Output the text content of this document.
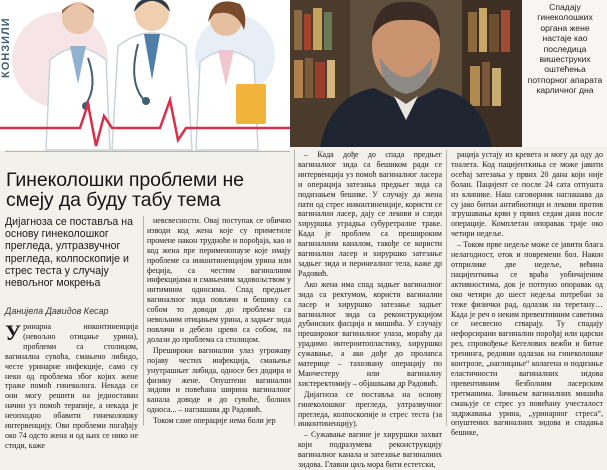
КОНЗИЛИ

Спадају гинеколошких органа жене настаје као последица вишеструких оштећења потпорног апарата карличног дна

Гинеколошки проблеми не смеју да буду табу тема

Дијагноза се поставља на основу гинеколошког прегледа, ултразвучног прегледа, колпоскопије и стрес теста у случају невољног мокрења

Данијела Давидов Кесар

Уринарна инконтиненција (невољно отицање урина), проблеми са столицом, вагинална сувоћа, смањено либидо, честе уринарне инфекције, само су неки од проблема због којих жене траже помоћ гинеколога. Некада се они могу решити на једноставан начин уз помоћ терапије, а некада је неопходно обавити гинеколошку интервенцију. Ови проблеми погађају око 74 одсто жена и од њих се нико не стиди, каже

невсвесности. Овај поступак се обично изводи код жена које су приметиле промене након трудноће и порођаја, као и код жена пре перименопаузе које имају проблеме са инконтиненцијом урина или феција, са честим вагиналним инфекцијама и смањеним задовољством у интимним односима. Спад предњег вагиналног зида повлачи и бешику са собом то доводи до проблема са невољним отицањем урина, а задњег зида повлачи и дебело црево са собом, па долази до проблема са столицом.

Прешироки вагинални улаз угрожаву појаву честих инфекција, смањење унутрашњег либида, односе без додира и физику жене. Опуштени вагинални зидови и повећана ширина вагиналног канала доводе и до сувоће, болних односа... – наглашава др Радовић.

Током саме операције нема боли јер

– Када дође до спада предњег вагиналног зида са бешиком ради се интервенција уз помоћ вагиналног ласера и операција затезања предњег зида са подизањем бешике. У случају да жена пати од стрес инконтиненције, користи се вагинални ласер, дају се лекови и следи хируршка уградња субуретралне траке. Када је проблем са прешироким вагиналним каналом, такође се користи вагинални ласер и хируршко затезање задњег зида и перинеалног тела, каже др Радовић.

Ако жена има спад задњег вагиналног зида са ректумом, користи вагинални ласер и хируршко затезање задњег вагиналног зида са реконструкцијом дубинских фасција и мишића. У случају прешироког вагиналног улаза, мораћу да урадимо интероитопластику, хируршко сужавање, а ако дође до пролапса материце – тахозвану операцију по Манчестеру или вагиналну хистеректомију – објашњава др Радовић.

Дијагноза се поставља на основу гинеколошког прегледа, ултразвучног прегледа, колпоскопије и стрес теста (за инконтиненцију).

– Сужавање вагине је хируршки захват који подразумева реконструкцију вагиналног канала и затезање вагиналних зидова. Главни циљ мора бити естетски,

рација устају из кревета и могу да оду до тоалета. Код пацијенткиња се може јавити осећај затезања у првих 20 дана који није болан. Пацијент се после 24 сата отпушта из клинике. Наш саговорник наглашава да су јако битни антибиотици и лекови против згрушавања крви у првих седам дана после операције. Комплетан опоравак траје око четири недеље.

– Током прве недеље може се јавити блага нелагодност, оток и повремени бол. Након отприлике две недеље, већина пацијенткиња се враћа уобичајеним активностима, док је потпуно опоравак од око четири до шест недеља потребан за теже физички рад, одлазак на теретану… Када је реч о неким превентивним саветима се несвесно стварају. Ту спадају нефорсирани вагинални порођај или царски рез, спровођење Кегелових вежби и битне тренинга, редовни одлазак на гинеколошке контроле, „наглицање“ колагена и подизање еластичности вагиналних зидова превентивним безболним ласерским третманима. Зачињем вагиналних мишића смањује се стрес уз повећану учесталост задржавања урина, „уринарног стреса“, опуштених вагиналних зидова и спадања бешике,
